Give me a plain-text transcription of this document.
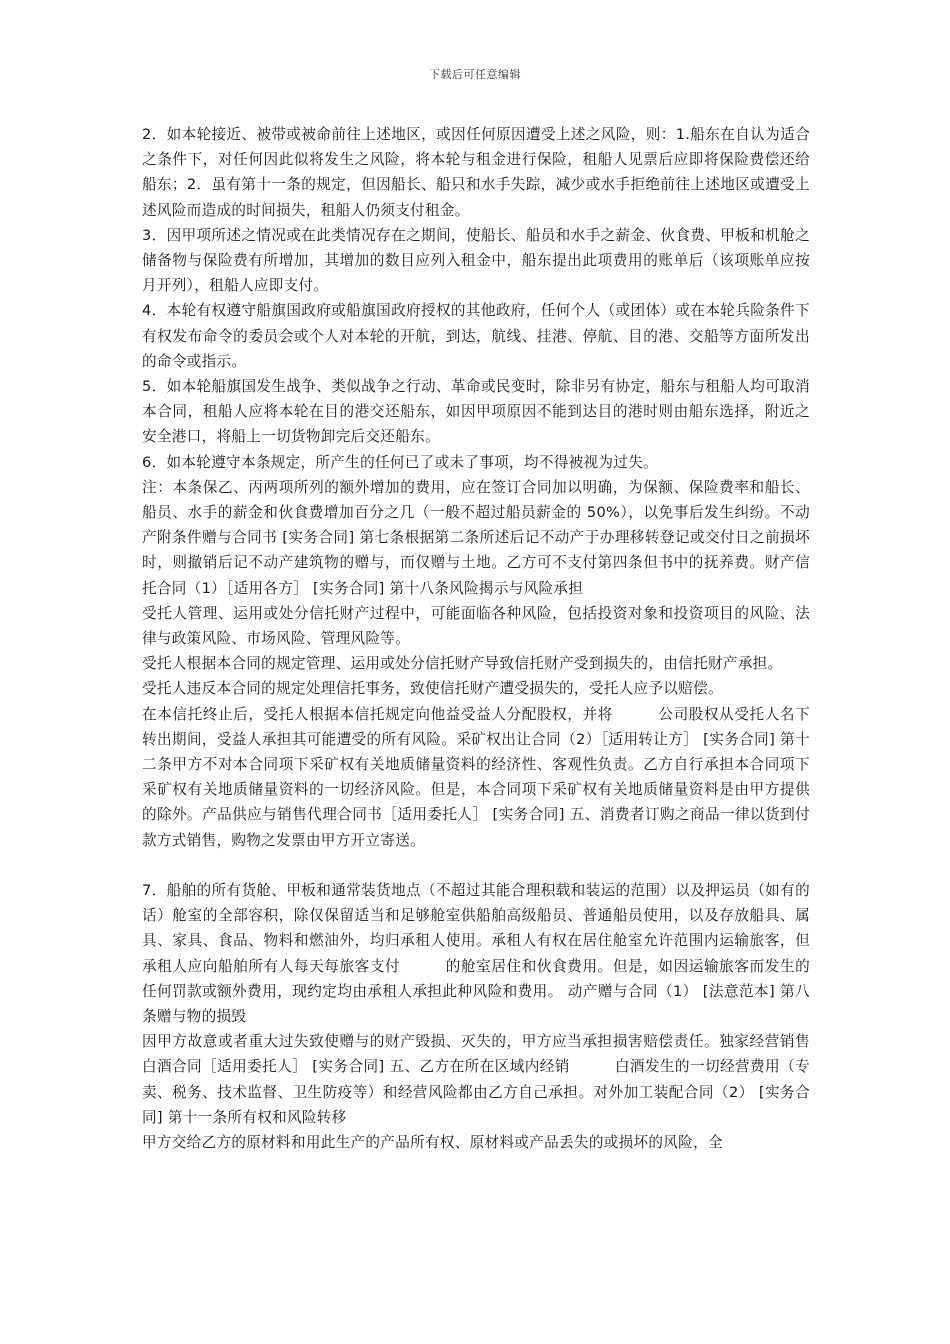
下载后可任意编辑

2．如本轮接近、被带或被命前往上述地区，或因任何原因遭受上述之风险，则：1.船东在自认为适合之条件下，对任何因此似将发生之风险，将本轮与租金进行保险，租船人见票后应即将保险费偿还给船东；2．虽有第十一条的规定，但因船长、船只和水手失踪，减少或水手拒绝前往上述地区或遭受上述风险而造成的时间损失，租船人仍须支付租金。

3．因甲项所述之情况或在此类情况存在之期间，使船长、船员和水手之薪金、伙食费、甲板和机舱之储备物与保险费有所增加，其增加的数目应列入租金中，船东提出此项费用的账单后（该项账单应按月开列），租船人应即支付。

4．本轮有权遵守船旗国政府或船旗国政府授权的其他政府，任何个人（或团体）或在本轮兵险条件下有权发布命令的委员会或个人对本轮的开航，到达，航线、挂港、停航、目的港、交船等方面所发出的命令或指示。

5．如本轮船旗国发生战争、类似战争之行动、革命或民变时，除非另有协定，船东与租船人均可取消本合同，租船人应将本轮在目的港交还船东，如因甲项原因不能到达目的港时则由船东选择，附近之安全港口，将船上一切货物卸完后交还船东。

6．如本轮遵守本条规定，所产生的任何已了或未了事项，均不得被视为过失。

注：本条保乙、丙两项所列的额外增加的费用，应在签订合同加以明确，为保额、保险费率和船长、船员、水手的薪金和伙食费增加百分之几（一般不超过船员薪金的 50%），以免事后发生纠纷。不动产附条件赠与合同书 [实务合同] 第七条根据第二条所述后记不动产于办理移转登记或交付日之前损坏时，则撤销后记不动产建筑物的赠与，而仅赠与土地。乙方可不支付第四条但书中的抚养费。财产信托合同（1）［适用各方］ [实务合同] 第十八条风险揭示与风险承担

受托人管理、运用或处分信托财产过程中，可能面临各种风险，包括投资对象和投资项目的风险、法律与政策风险、市场风险、管理风险等。

受托人根据本合同的规定管理、运用或处分信托财产导致信托财产受到损失的，由信托财产承担。

受托人违反本合同的规定处理信托事务，致使信托财产遭受损失的，受托人应予以赔偿。

在本信托终止后，受托人根据本信托规定向他益受益人分配股权，并将　　　公司股权从受托人名下转出期间，受益人承担其可能遭受的所有风险。采矿权出让合同（2）［适用转让方］ [实务合同] 第十二条甲方不对本合同项下采矿权有关地质储量资料的经济性、客观性负责。乙方自行承担本合同项下采矿权有关地质储量资料的一切经济风险。但是，本合同项下采矿权有关地质储量资料是由甲方提供的除外。产品供应与销售代理合同书［适用委托人］ [实务合同] 五、消费者订购之商品一律以货到付款方式销售，购物之发票由甲方开立寄送。

7．船舶的所有货舱、甲板和通常装货地点（不超过其能合理积载和装运的范围）以及押运员（如有的话）舱室的全部容积，除仅保留适当和足够舱室供船舶高级船员、普通船员使用，以及存放船具、属具、家具、食品、物料和燃油外，均归承租人使用。承租人有权在居住舱室允许范围内运输旅客，但承租人应向船舶所有人每天每旅客支付　　　的舱室居住和伙食费用。但是，如因运输旅客而发生的任何罚款或额外费用，现约定均由承租人承担此种风险和费用。 动产赠与合同（1） [法意范本] 第八条赠与物的损毁

因甲方故意或者重大过失致使赠与的财产毁损、灭失的，甲方应当承担损害赔偿责任。独家经营销售白酒合同［适用委托人］ [实务合同] 五、乙方在所在区域内经销　　　白酒发生的一切经营费用（专卖、税务、技术监督、卫生防疫等）和经营风险都由乙方自己承担。对外加工装配合同（2） [实务合同] 第十一条所有权和风险转移

甲方交给乙方的原材料和用此生产的产品所有权、原材料或产品丢失的或损坏的风险，全
